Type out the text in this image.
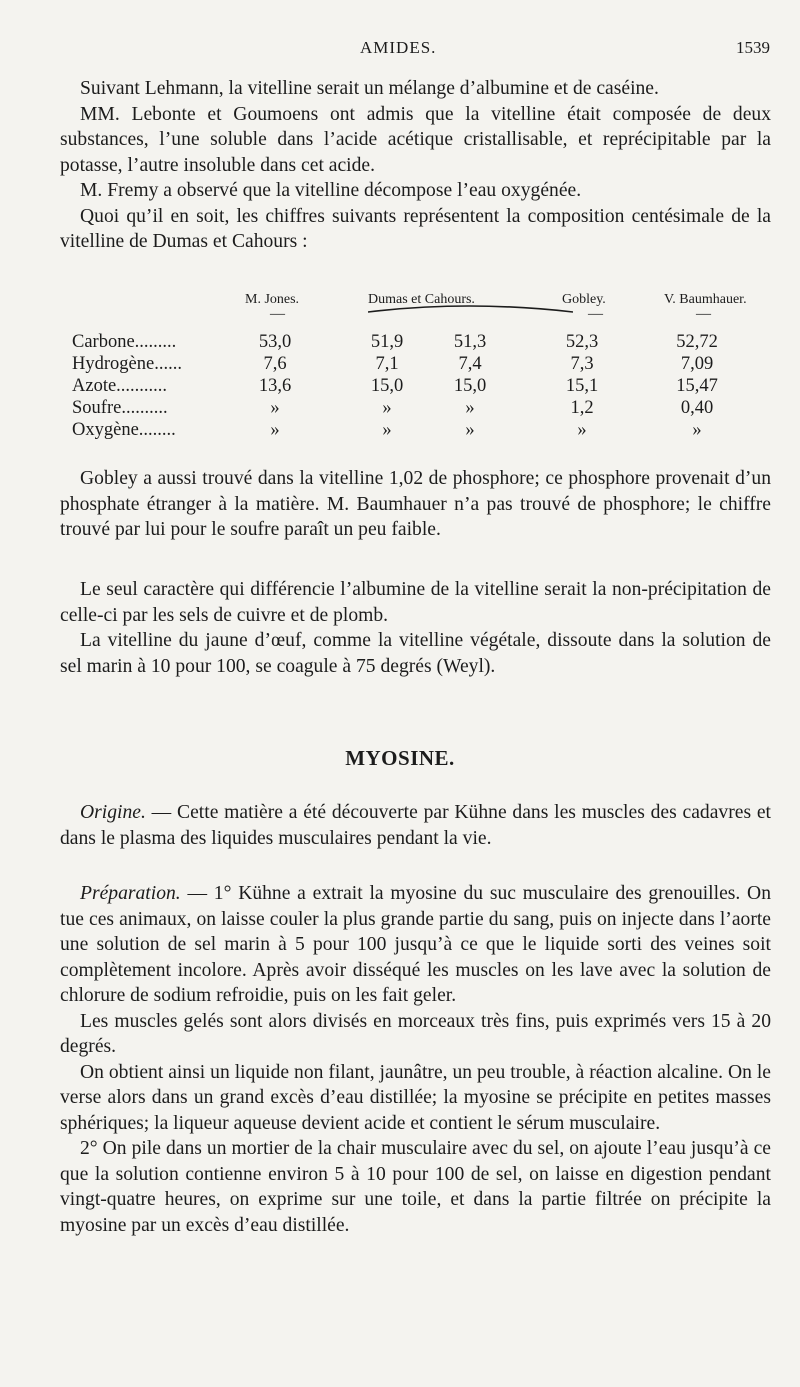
AMIDES.	1539

Suivant Lehmann, la vitelline serait un mélange d’albumine et de caséine.

MM. Lebonte et Goumoens ont admis que la vitelline était composée de deux substances, l’une soluble dans l’acide acétique cristallisable, et reprécipitable par la potasse, l’autre insoluble dans cet acide.

M. Fremy a observé que la vitelline décompose l’eau oxygénée.

Quoi qu’il en soit, les chiffres suivants représentent la composition centésimale de la vitelline de Dumas et Cahours :

M. Jones.	Dumas et Cahours.	Gobley.	V. Baumhauer.
—	—	—
Carbone.........	53,0	51,9	51,3	52,3	52,72
Hydrogène......	7,6	7,1	7,4	7,3	7,09
Azote...........	13,6	15,0	15,0	15,1	15,47
Soufre..........	»	»	»	1,2	0,40
Oxygène........	»	»	»	»	»

Gobley a aussi trouvé dans la vitelline 1,02 de phosphore; ce phosphore provenait d’un phosphate étranger à la matière. M. Baumhauer n’a pas trouvé de phosphore; le chiffre trouvé par lui pour le soufre paraît un peu faible.

Le seul caractère qui différencie l’albumine de la vitelline serait la non-précipitation de celle-ci par les sels de cuivre et de plomb.

La vitelline du jaune d’œuf, comme la vitelline végétale, dissoute dans la solution de sel marin à 10 pour 100, se coagule à 75 degrés (Weyl).

MYOSINE.

Origine. — Cette matière a été découverte par Kühne dans les muscles des cadavres et dans le plasma des liquides musculaires pendant la vie.

Préparation. — 1° Kühne a extrait la myosine du suc musculaire des grenouilles. On tue ces animaux, on laisse couler la plus grande partie du sang, puis on injecte dans l’aorte une solution de sel marin à 5 pour 100 jusqu’à ce que le liquide sorti des veines soit complètement incolore. Après avoir disséqué les muscles on les lave avec la solution de chlorure de sodium refroidie, puis on les fait geler.

Les muscles gelés sont alors divisés en morceaux très fins, puis exprimés vers 15 à 20 degrés.

On obtient ainsi un liquide non filant, jaunâtre, un peu trouble, à réaction alcaline. On le verse alors dans un grand excès d’eau distillée; la myosine se précipite en petites masses sphériques; la liqueur aqueuse devient acide et contient le sérum musculaire.

2° On pile dans un mortier de la chair musculaire avec du sel, on ajoute l’eau jusqu’à ce que la solution contienne environ 5 à 10 pour 100 de sel, on laisse en digestion pendant vingt-quatre heures, on exprime sur une toile, et dans la partie filtrée on précipite la myosine par un excès d’eau distillée.
